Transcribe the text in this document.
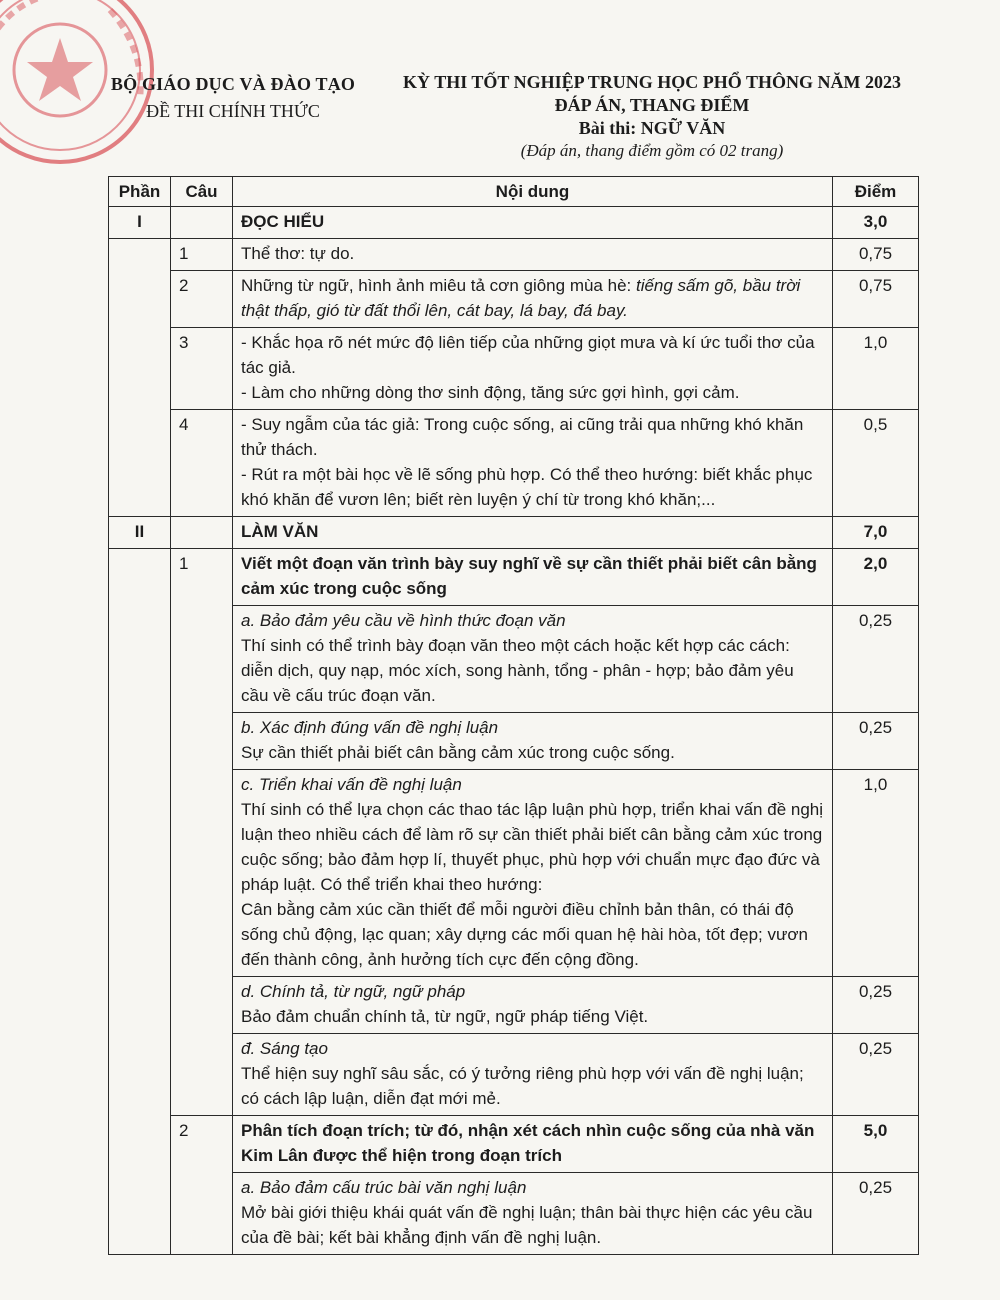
BỘ GIÁO DỤC VÀ ĐÀO TẠO
ĐỀ THI CHÍNH THỨC
KỲ THI TỐT NGHIỆP TRUNG HỌC PHỔ THÔNG NĂM 2023
ĐÁP ÁN, THANG ĐIỂM
Bài thi: NGỮ VĂN
(Đáp án, thang điểm gồm có 02 trang)
Phần	Câu	Nội dung	Điểm
I		ĐỌC HIỂU	3,0
	1	Thể thơ: tự do.	0,75
	2	Những từ ngữ, hình ảnh miêu tả cơn giông mùa hè: tiếng sấm gõ, bầu trời thật thấp, gió từ đất thổi lên, cát bay, lá bay, đá bay.	0,75
	3	- Khắc họa rõ nét mức độ liên tiếp của những giọt mưa và kí ức tuổi thơ của tác giả.
- Làm cho những dòng thơ sinh động, tăng sức gợi hình, gợi cảm.	1,0
	4	- Suy ngẫm của tác giả: Trong cuộc sống, ai cũng trải qua những khó khăn thử thách.
- Rút ra một bài học về lẽ sống phù hợp. Có thể theo hướng: biết khắc phục khó khăn để vươn lên; biết rèn luyện ý chí từ trong khó khăn;...	0,5
II		LÀM VĂN	7,0
	1	Viết một đoạn văn trình bày suy nghĩ về sự cần thiết phải biết cân bằng cảm xúc trong cuộc sống	2,0

		a. Bảo đảm yêu cầu về hình thức đoạn văn
Thí sinh có thể trình bày đoạn văn theo một cách hoặc kết hợp các cách: diễn dịch, quy nạp, móc xích, song hành, tổng - phân - hợp; bảo đảm yêu cầu về cấu trúc đoạn văn.	0,25

		b. Xác định đúng vấn đề nghị luận
Sự cần thiết phải biết cân bằng cảm xúc trong cuộc sống.	0,25

		c. Triển khai vấn đề nghị luận
Thí sinh có thể lựa chọn các thao tác lập luận phù hợp, triển khai vấn đề nghị luận theo nhiều cách để làm rõ sự cần thiết phải biết cân bằng cảm xúc trong cuộc sống; bảo đảm hợp lí, thuyết phục, phù hợp với chuẩn mực đạo đức và pháp luật. Có thể triển khai theo hướng:
Cân bằng cảm xúc cần thiết để mỗi người điều chỉnh bản thân, có thái độ sống chủ động, lạc quan; xây dựng các mối quan hệ hài hòa, tốt đẹp; vươn đến thành công, ảnh hưởng tích cực đến cộng đồng.	1,0

		d. Chính tả, từ ngữ, ngữ pháp
Bảo đảm chuẩn chính tả, từ ngữ, ngữ pháp tiếng Việt.	0,25

		đ. Sáng tạo
Thể hiện suy nghĩ sâu sắc, có ý tưởng riêng phù hợp với vấn đề nghị luận; có cách lập luận, diễn đạt mới mẻ.	0,25
	2	Phân tích đoạn trích; từ đó, nhận xét cách nhìn cuộc sống của nhà văn Kim Lân được thể hiện trong đoạn trích	5,0

		a. Bảo đảm cấu trúc bài văn nghị luận
Mở bài giới thiệu khái quát vấn đề nghị luận; thân bài thực hiện các yêu cầu của đề bài; kết bài khẳng định vấn đề nghị luận.	0,25
